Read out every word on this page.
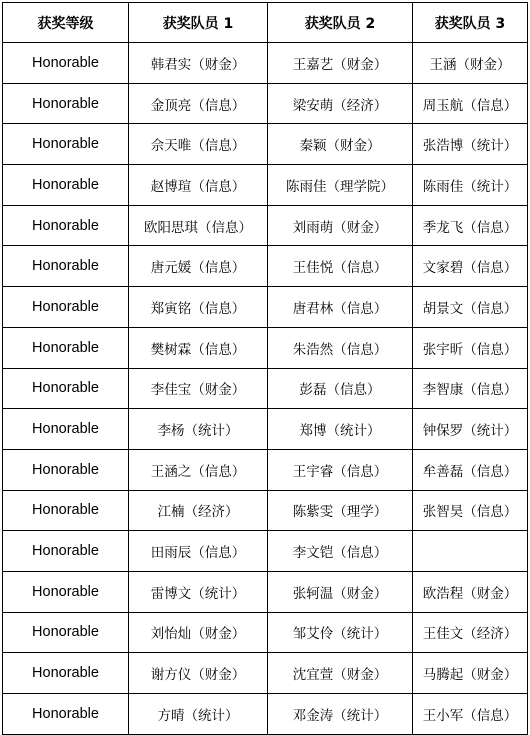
获奖等级	获奖队员 1	获奖队员 2	获奖队员 3
Honorable	韩君实（财金）	王嘉艺（财金）	王涵（财金）
Honorable	金顶亮（信息）	梁安萌（经济）	周玉航（信息）
Honorable	佘天唯（信息）	秦颖（财金）	张浩博（统计）
Honorable	赵博瑄（信息）	陈雨佳（理学院）	陈雨佳（统计）
Honorable	欧阳思琪（信息）	刘雨萌（财金）	季龙飞（信息）
Honorable	唐元媛（信息）	王佳悦（信息）	文家碧（信息）
Honorable	郑寅铭（信息）	唐君林（信息）	胡景文（信息）
Honorable	樊树霖（信息）	朱浩然（信息）	张宇昕（信息）
Honorable	李佳宝（财金）	彭磊（信息）	李智康（信息）
Honorable	李杨（统计）	郑博（统计）	钟保罗（统计）
Honorable	王涵之（信息）	王宇睿（信息）	牟善磊（信息）
Honorable	江楠（经济）	陈紫雯（理学）	张智昊（信息）
Honorable	田雨辰（信息）	李文铠（信息）	
Honorable	雷博文（统计）	张轲温（财金）	欧浩程（财金）
Honorable	刘怡灿（财金）	邹艾伶（统计）	王佳文（经济）
Honorable	谢方仪（财金）	沈宜萱（财金）	马腾起（财金）
Honorable	方晴（统计）	邓金涛（统计）	王小军（信息）
